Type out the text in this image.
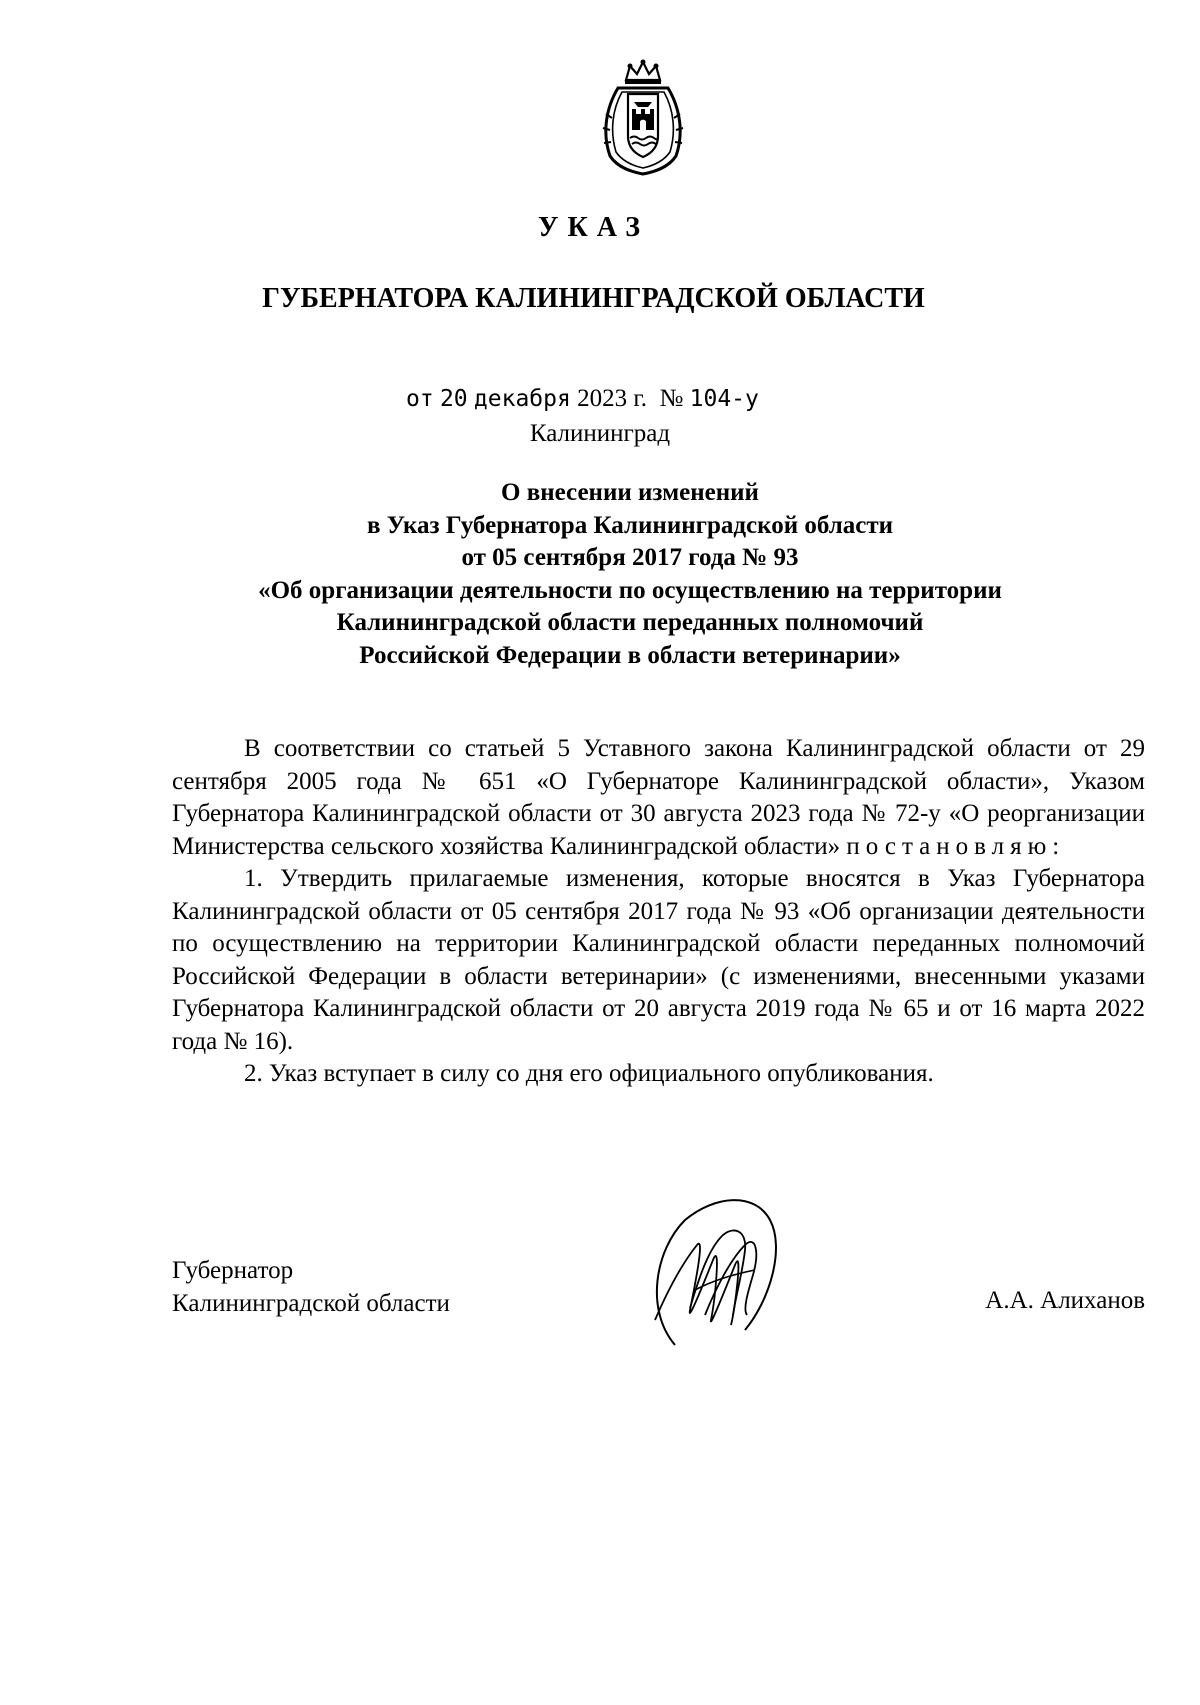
УКАЗ
ГУБЕРНАТОРА КАЛИНИНГРАДСКОЙ ОБЛАСТИ
от 20 декабря 2023 г. № 104-у
Калининград
О внесении изменений
в Указ Губернатора Калининградской области
от 05 сентября 2017 года № 93
«Об организации деятельности по осуществлению на территории
Калининградской области переданных полномочий
Российской Федерации в области ветеринарии»

В соответствии со статьей 5 Уставного закона Калининградской области от 29 сентября 2005 года № 651 «О Губернаторе Калининградской области», Указом Губернатора Калининградской области от 30 августа 2023 года № 72-у «О реорганизации Министерства сельского хозяйства Калининградской области» постановляю:

1. Утвердить прилагаемые изменения, которые вносятся в Указ Губернатора Калининградской области от 05 сентября 2017 года № 93 «Об организации деятельности по осуществлению на территории Калининградской области переданных полномочий Российской Федерации в области ветеринарии» (с изменениями, внесенными указами Губернатора Калининградской области от 20 августа 2019 года № 65 и от 16 марта 2022 года № 16).

2. Указ вступает в силу со дня его официального опубликования.

Губернатор
Калининградской области	А.А. Алиханов
